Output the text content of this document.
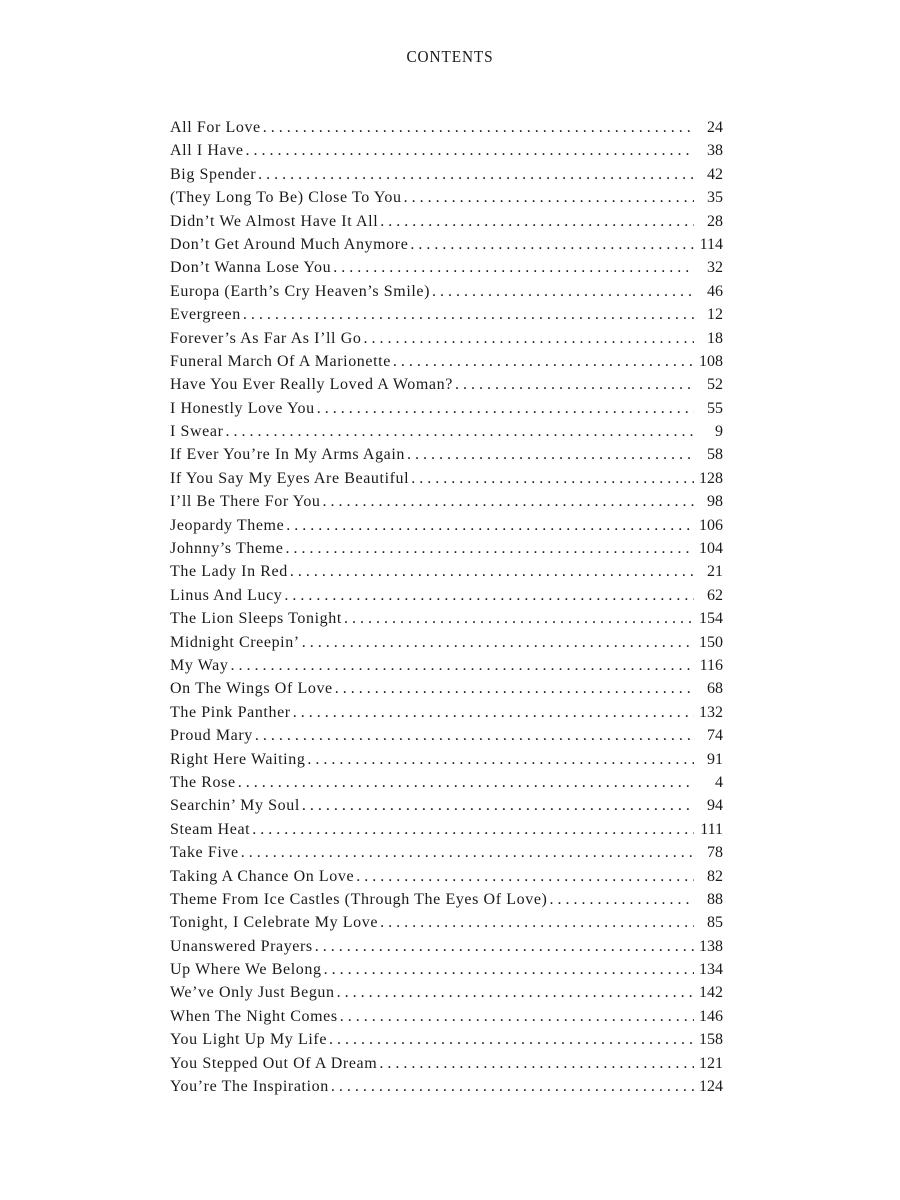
CONTENTS
All For Love . . .	24
All I Have . . .	38
Big Spender . . .	42
(They Long To Be) Close To You . . .	35
Didn’t We Almost Have It All . . .	28
Don’t Get Around Much Anymore . . .	114
Don’t Wanna Lose You . . .	32
Europa (Earth’s Cry Heaven’s Smile) . . .	46
Evergreen . . .	12
Forever’s As Far As I’ll Go . . .	18
Funeral March Of A Marionette . . .	108
Have You Ever Really Loved A Woman? . . .	52
I Honestly Love You . . .	55
I Swear . . .	9
If Ever You’re In My Arms Again . . .	58
If You Say My Eyes Are Beautiful . . .	128
I’ll Be There For You . . .	98
Jeopardy Theme . . .	106
Johnny’s Theme . . .	104
The Lady In Red . . .	21
Linus And Lucy . . .	62
The Lion Sleeps Tonight . . .	154
Midnight Creepin’ . . .	150
My Way . . .	116
On The Wings Of Love . . .	68
The Pink Panther . . .	132
Proud Mary . . .	74
Right Here Waiting . . .	91
The Rose . . .	4
Searchin’ My Soul . . .	94
Steam Heat . . .	111
Take Five . . .	78
Taking A Chance On Love . . .	82
Theme From Ice Castles (Through The Eyes Of Love) . . .	88
Tonight, I Celebrate My Love . . .	85
Unanswered Prayers . . .	138
Up Where We Belong . . .	134
We’ve Only Just Begun . . .	142
When The Night Comes . . .	146
You Light Up My Life . . .	158
You Stepped Out Of A Dream . . .	121
You’re The Inspiration . . .	124
